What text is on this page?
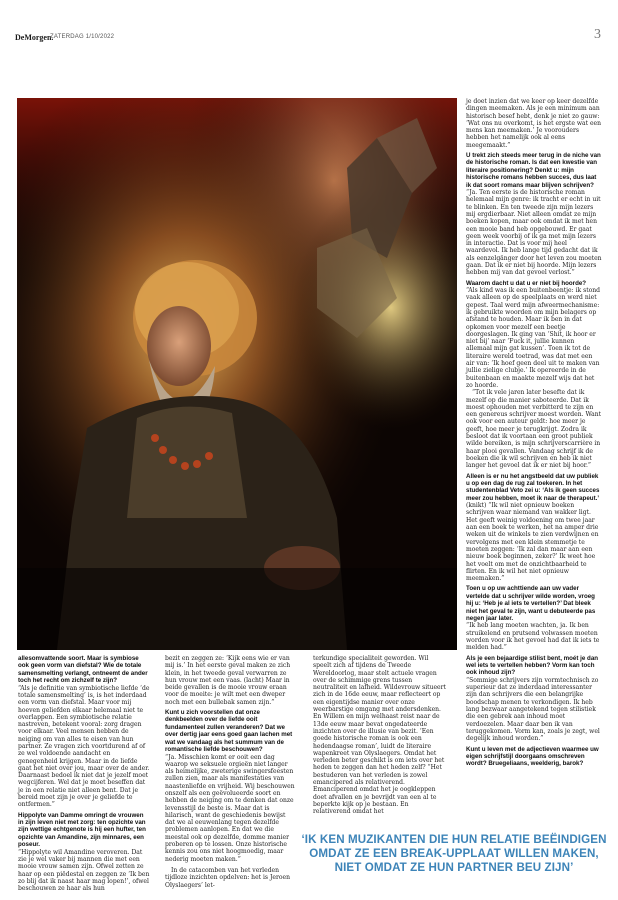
DeMorgen.
ZATERDAG 1/10/2022	3

allesomvattende soort. Maar is symbiose ook geen vorm van diefstal? Wie de totale samensmelting verlangt, ontneemt de ander toch het recht om zichzelf te zijn?

“Als je definitie van symbiotische liefde ‘de totale samensmelting’ is, is het inderdaad een vorm van diefstal. Maar voor mij hoeven geliefden elkaar helemaal niet te overlappen. Een symbiotische relatie nastreven, betekent vooral: zorg dragen voor elkaar. Veel mensen hebben de neiging om van alles te eisen van hun partner. Ze vragen zich voortdurend af of ze wel voldoende aandacht en genegenheid krijgen. Maar in de liefde gaat het niet over jou, maar over de ander. Daarnaast bedoel ik niet dat je jezelf moet wegcijferen. Wel dat je moet beseffen dat je in een relatie niet alleen bent. Dat je bereid moet zijn je over je geliefde te ontfermen.”

Hippolyte van Damme omringt de vrouwen in zijn leven niet met zorg: ten opzichte van zijn wettige echtgenote is hij een hufter, ten opzichte van Amandine, zijn minnares, een poseur.

“Hippolyte wil Amandine veroveren. Dat zie je wel vaker bij mannen die met een mooie vrouw samen zijn. Ofwel zetten ze haar op een piëdestal en zeggen ze ‘Ik ben zo blij dat ik naast haar mag lopen!’, ofwel beschouwen ze haar als hun

bezit en zeggen ze: ‘Kijk eens wie er van mij is.’ In het eerste geval maken ze zich klein, in het tweede geval verwarren ze hun vrouw met een vaas. (lacht) Maar in beide gevallen is de mooie vrouw eraan voor de moeite: je wilt met een dweper noch met een bullebak samen zijn.”

Kunt u zich voorstellen dat onze denkbeelden over de liefde ooit fundamenteel zullen veranderen? Dat we over dertig jaar eens goed gaan lachen met wat we vandaag als het summum van de romantische liefde beschouwen?

“Ja. Misschien komt er ooit een dag waarop we seksuele orgieën niet langer als heimelijke, zweterige swingersfeesten zullen zien, maar als manifestaties van naastenliefde en vrijheid. Wij beschouwen onszelf als een geëvolueerde soort en hebben de neiging om te denken dat onze levensstijl de beste is. Maar dat is hilarisch, want de geschiedenis bewijst dat we al eeuwenlang tegen dezelfde problemen aanlopen. En dat we die meestal ook op dezelfde, domme manier proberen op te lossen. Onze historische kennis zou ons niet hoogmoedig, maar nederig moeten maken.”

In de catacomben van het verleden tijdloze inzichten opdelven: het is Jeroen Olyslaegers’ let-

terkundige specialiteit geworden. Wil speelt zich af tijdens de Tweede Wereldoorlog, maar stelt actuele vragen over de schimmige grens tussen neutraliteit en lafheid. Wildevrouw situeert zich in de 16de eeuw, maar reflecteert op een eigentijdse manier over onze weerbarstige omgang met andersdenken. En Willem en mijn welhaast reist naar de 13de eeuw maar bevat ongedateerde inzichten over de illusie van bezit. ‘Een goede historische roman is ook een hedendaagse roman’, luidt de literaire wapenkreet van Olyslaegers. Omdat het verleden beter geschikt is om iets over het heden te zeggen dan het heden zelf? “Het bestuderen van het verleden is zowel emancipered als relativerend. Emanciperend omdat het je oogkleppen doet afvallen en je bevrijdt van een al te beperkte kijk op je bestaan. En relativerend omdat het

je doet inzien dat we keer op keer dezelfde dingen meemaken. Als je een minimum aan historisch besef hebt, denk je niet zo gauw: ‘Wat ons nu overkomt, is het ergste wat een mens kan meemaken.’ Je voorouders hebben het namelijk ook al eens meegemaakt.”

U trekt zich steeds meer terug in de niche van de historische roman. Is dat een kwestie van literaire positionering? Denkt u: mijn historische romans hebben succes, dus laat ik dat soort romans maar blijven schrijven?

“Ja. Ten eerste is de historische roman helemaal mijn genre: ik tracht er echt in uit te blinken. En ten tweede zijn mijn lezers mij ergdierbaar. Niet alleen omdat ze mijn boeken kopen, maar ook omdat ik met hen een mooie band heb opgebouwd. Er gaat geen week voorbij of ik ga met mijn lezers in interactie. Dat is voor mij heel waardevol. Ik heb lange tijd gedacht dat ik als eenzelgänger door het leven zou moeten gaan. Dat ik er niet bij hoorde. Mijn lezers hebben mij van dat gevoel verlost.”

Waarom dacht u dat u er niet bij hoorde?

“Als kind was ik een buitenbeentje: ik stond vaak alleen op de speelplaats en werd niet gepest. Taal werd mijn afweermechanisme: ik gebruikte woorden om mijn belagers op afstand te houden. Maar ik ben in dat opkomen voor mezelf een beetje doorgeslagen. Ik ging van ‘Shit, ik hoor er niet bij’ naar ‘Fuck it, jullie kunnen allemaal mijn gat kussen’. Toen ik tot de literaire wereld toetrad, was dat met een air van: ‘Ik hoef geen deel uit te maken van jullie zielige clubje.’ Ik opereerde in de buitenbaan en maakte mezelf wijs dat het zo hoorde.

“Tot ik vele jaren later besefte dat ik mezelf op die manier saboteerde. Dat ik moest ophouden met verbitterd te zijn en een genereus schrijver moest worden. Want ook voor een auteur geldt: hoe meer je geeft, hoe meer je terugkrijgt. Zodra ik besloot dat ik voortaan een groot publiek wilde bereiken, is mijn schrijverscarrière in haar plooi gevallen. Vandaag schrijf ik de boeken die ik wil schrijven en heb ik niet langer het gevoel dat ik er niet bij hoor.”

Alleen is er nu het angstbeeld dat uw publiek u op een dag de rug zal toekeren. In het studentenblad Veto zei u: ‘Als ik geen succes meer zou hebben, moet ik naar de therapeut.’

(knikt) “Ik wil niet opnieuw boeken schrijven waar niemand van wakker ligt. Het geeft weinig voldoening om twee jaar aan een boek te werken, het na amper drie weken uit de winkels te zien verdwijnen en vervolgens met een klein stemmetje te moeten zeggen: ‘Ik zal dan maar aan een nieuw boek beginnen, zeker?’ Ik weet hoe het voelt om met de onzichtbaarheid te flirten. En ik wil het niet opnieuw meemaken.”

Toen u op uw achttiende aan uw vader vertelde dat u schrijver wilde worden, vroeg hij u: ‘Heb je al iets te vertellen?’ Dat bleek niet het geval te zijn, want u debuteerde pas negen jaar later.

“Ik heb lang moeten wachten, ja. Ik ben struikelend en prutsend volwassen moeten worden voor ik het gevoel had dat ik iets te melden had.”

Als je een bejaardige stilist bent, moét je dan wel iets te vertellen hebben? Vorm kan toch ook inhoud zijn?

“Sommige schrijvers zijn vormtechnisch zo superieur dat ze inderdaad interessanter zijn dan schrijvers die een belangrijke boodschap menen te verkondigen. Ik heb lang bezwaar aangetekend tegen stilistiek die een gebrek aan inhoud moet verdoezelen. Maar daar ben ik van teruggekomen. Vorm kan, zoals je zegt, wel degelijk inhoud worden.”

Kunt u leven met de adjectieven waarmee uw eigen schrijfstijl doorgaans omschreven wordt? Bruegeliaans, weelderig, barok?

‘IK KEN MUZIKANTEN DIE HUN RELATIE BEËINDIGEN OMDAT ZE EEN BREAK-UPPLAAT WILLEN MAKEN, NIET OMDAT ZE HUN PARTNER BEU ZIJN’
